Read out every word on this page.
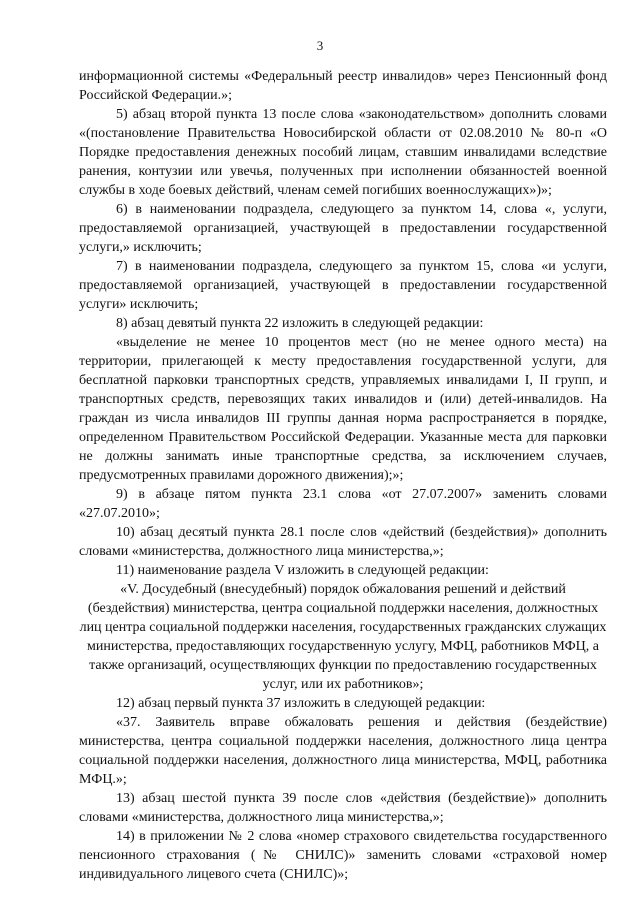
3

информационной системы «Федеральный реестр инвалидов» через Пенсионный фонд Российской Федерации.»;

5) абзац второй пункта 13 после слова «законодательством» дополнить словами «(постановление Правительства Новосибирской области от 02.08.2010 № 80-п «О Порядке предоставления денежных пособий лицам, ставшим инвалидами вследствие ранения, контузии или увечья, полученных при исполнении обязанностей военной службы в ходе боевых действий, членам семей погибших военнослужащих»)»;

6) в наименовании подраздела, следующего за пунктом 14, слова «, услуги, предоставляемой организацией, участвующей в предоставлении государственной услуги,» исключить;

7) в наименовании подраздела, следующего за пунктом 15, слова «и услуги, предоставляемой организацией, участвующей в предоставлении государственной услуги» исключить;

8) абзац девятый пункта 22 изложить в следующей редакции:

«выделение не менее 10 процентов мест (но не менее одного места) на территории, прилегающей к месту предоставления государственной услуги, для бесплатной парковки транспортных средств, управляемых инвалидами I, II групп, и транспортных средств, перевозящих таких инвалидов и (или) детей-инвалидов. На граждан из числа инвалидов III группы данная норма распространяется в порядке, определенном Правительством Российской Федерации. Указанные места для парковки не должны занимать иные транспортные средства, за исключением случаев, предусмотренных правилами дорожного движения);»;

9) в абзаце пятом пункта 23.1 слова «от 27.07.2007» заменить словами «27.07.2010»;

10) абзац десятый пункта 28.1 после слов «действий (бездействия)» дополнить словами «министерства, должностного лица министерства,»;

11) наименование раздела V изложить в следующей редакции:

«V. Досудебный (внесудебный) порядок обжалования решений и действий (бездействия) министерства, центра социальной поддержки населения, должностных лиц центра социальной поддержки населения, государственных гражданских служащих министерства, предоставляющих государственную услугу, МФЦ, работников МФЦ, а также организаций, осуществляющих функции по предоставлению государственных услуг, или их работников»;

12) абзац первый пункта 37 изложить в следующей редакции:

«37. Заявитель вправе обжаловать решения и действия (бездействие) министерства, центра социальной поддержки населения, должностного лица центра социальной поддержки населения, должностного лица министерства, МФЦ, работника МФЦ.»;

13) абзац шестой пункта 39 после слов «действия (бездействие)» дополнить словами «министерства, должностного лица министерства,»;

14) в приложении № 2 слова «номер страхового свидетельства государственного пенсионного страхования (№ СНИЛС)» заменить словами «страховой номер индивидуального лицевого счета (СНИЛС)»;
